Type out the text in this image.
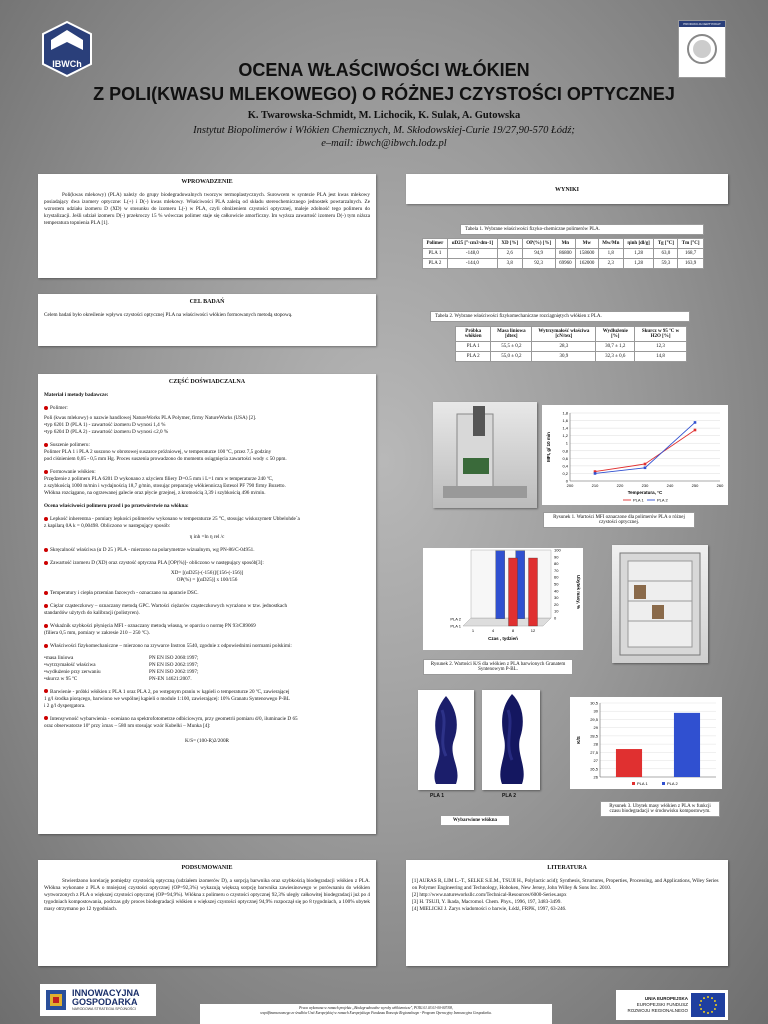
IBWCh
PRODUKCJA CERTYFIKAT
OCENA WŁAŚCIWOŚCI WŁÓKIEN
Z POLI(KWASU MLEKOWEGO) O RÓŻNEJ CZYSTOŚCI OPTYCZNEJ
K. Twarowska-Schmidt, M. Lichocik, K. Sulak, A. Gutowska
Instytut Biopolimerów i Włókien Chemicznych, M. Skłodowskiej-Curie 19/27,90-570 Łódź;
e–mail: ibwch@ibwch.lodz.pl
WPROWADZENIE

Poli(kwas mlekowy) (PLA) należy do grupy biodegradowalnych tworzyw termoplastycznych. Surowcem w syntezie PLA jest kwas mlekowy posiadający dwa izomery optyczne: L(+) i D(-) kwas mlekowy. Właściwości PLA zależą od składu stereochemicznego jednostek powtarzalnych. Ze wzrostem udziału izomeru D (XD) w stosunku do izomeru L(-) w PLA, czyli obniżeniem czystości optycznej, maleje zdolność tego polimeru do krystalizacji. Jeśli udział izomeru D(-) przekroczy 15 % wówczas polimer staje się całkowicie amorficzny. Im wyższa zawartość izomeru D(-) tym niższa temperatura topnienia PLA [1].

CEL BADAŃ

Celem badań było określenie wpływu czystości optycznej PLA na właściwości włókien formowanych metodą stopową.

CZĘŚĆ DOŚWIADCZALNA

Materiał i metody badawcze:

Polimer:

Poli (kwas mlekowy) o nazwie handlowej NatureWorks PLA Polymer, firmy NatureWorks (USA) [2].

•typ 6201 D (PLA 1) - zawartość izomeru D wynosi 1,4 %

•typ 6204 D (PLA 2) - zawartość izomeru D wynosi ≤2,0 %

Suszenie polimeru:

Polimer PLA 1 i PLA 2 suszono w obrotowej suszarce próżniowej, w temperaturze 100 ºC, przez 7,5 godziny

pod ciśnieniem 0,05 - 0,5 mm Hg. Proces suszenia prowadzono do momentu osiągnięcia zawartości wody ≤ 50 ppm.

Formowanie włókien:

Przędzenie z polimeru PLA 6201 D wykonano z użyciem filiery D=0.5 mm i L=1 mm w temperaturze 240 ºC,

z szybkością 1000 m/min i wydajnością 18,7 g/min, stosując preparację włókienniczą Estesol PF 790 firmy Bozetto.

Włókna rozciągano, na ogrzewanej galecie oraz płycie grzejnej, z krotnością 3,39 i szybkością 496 m/min.

Ocena właściwości polimeru przed i po przetwórstwie na włókna:

Lepkość inherentna - pomiary lepkości polimerów wykonano w temperaturze 25 °C, stosując wiskozymetr Ubbelohde`a

z kapilarą 0A k = 0,00498. Obliczono w następujący sposób:

η inh =ln η rel /c

Skręcalność właściwa (α D 25 ) PLA - mierzono na polarymetrze wizualnym, wg PN-86/C-04951.

Zawartość izomeru D (XD) oraz czystość optyczna PLA [OP(%)]- obliczono w następujący sposób[3]:

XD= [(αD25)-(-156)]/[156-(-156)]

OP(%) = [(αD25)] x 100/156

Temperatury i ciepła przemian fazowych - oznaczano na aparacie DSC.

Ciężar cząsteczkowy – oznaczany metodą GPC. Wartości ciężarów cząsteczkowych wyrażono w tzw. jednostkach

standardów użytych do kalibracji (polistyren).

Wskaźnik szybkości płynięcia MFI - oznaczany metodą własną, w oparciu o normę PN 93/C89069

(filiera 0,5 mm, pomiary w zakresie 210 – 250 ºC).

Właściwości fizykomechaniczne – mierzono na zrywarce Instron 5540, zgodnie z odpowiednimi normami polskimi:

•masa liniowa	PN EN ISO 2060:1997;
•wytrzymałość właściwa	PN EN ISO 2062:1997;
•wydłużenie przy zerwaniu	PN EN ISO 2062:1997;
•skurcz w 95 ºC	PN-EN 14621:2007.

Barwienie - próbki włókien z PLA 1 oraz PLA 2, po wstępnym praniu w kąpieli o temperaturze 20 ºC, zawierającej

1 g/l środka piorącego, barwiono we wspólnej kąpieli o module 1:100, zawierającej: 10% Granatu Syntenowego P-BL

i 2 g/l dyspergatora.

Intensywność wybarwienia - oceniano na spektrofotometrze odbiciowym, przy geometrii pomiaru d/0, iluminacie D 65

oraz obserwatorze 10º przy λmax – 580 nm stosując wzór Kubelki – Munka [4]:

K/S= (100-R)2/200R

WYNIKI
Tabela 1. Wybrane właściwości fizyko-chemiczne polimerów PLA.
Polimer	αD25 [°·cm3·dm-1]	XD [%]	OP(%) [%]	Mn	Mw	Mw/Mn	ηinh [dl/g]	Tg [°C]	Tm [°C]
PLA 1	-148,0	2,6	94,9	86800	158600	1,8	1,28	63,0	168,7
PLA 2	-144,0	3,8	92,3	69960	162000	2,3	1,28	59,3	163,9
Tabela 2. Wybrane właściwości fizykomechaniczne rozciągniętych włókien z PLA.
Próbka włókien	Masa liniowa [dtex]	Wytrzymałość właściwa [cN/tex]	Wydłużenie [%]	Skurcz w 95 ºC w H2O [%]
PLA 1	55,5 ± 0,2	28,3	30,7 ± 1,2	12,3
PLA 2	55,0 ± 0,2	30,9	32,3 ± 0,6	14,8
0
0,2
0,4
0,6
0,8
1
1,2
1,4
1,6
1,8
200	210	220	230	240	250	260
Temperatura, °C
MFI, g/ 10 min
PLA 1	PLA 2
Rysunek 1. Wartości MFI oznaczone dla polimerów PLA o różnej czystości optycznej.
0
10
20
30
40
50
60
70
80
90
100
1	4	8	12
PLA 2
PLA 1
Czas , tydzień
Ubytek masy, %
Rysunek 2. Wartości K/S dla włókien z PLA barwionych Granatem Syntenowym P-BL.
PLA 1	PLA 2
Wybarwione włókna
26
26,5
27
27,5
28
28,5
29
29,5
30
30,5
K/S
PLA 1	PLA 2
Rysunek 3. Ubytek masy włókien z PLA w funkcji czasu biodegradacji w środowisku kompostowym.
PODSUMOWANIE

Stwierdzono korelację pomiędzy czystością optyczną (udziałem izomerów D), a sorpcją barwnika oraz szybkością biodegradacji włókien z PLA. Włókna wykonane z PLA o mniejszej czystości optycznej (OP=92,3%) wykazują większą sorpcję barwnika zawiesinowego w porównaniu do włókien wytworzonych z PLA o większej czystości optycznej (OP=94,9%). Włókna z polimeru o czystości optycznej 92,3% uległy całkowitej biodegradacji już po 4 tygodniach kompostowania, podczas gdy proces biodegradacji włókien o większej czystości optycznej 94,9% rozpoczął się po 8 tygodniach, a 100% ubytek masy otrzymano po 12 tygodniach.

LITERATURA

[1] AURAS R, LIM L.-T., SELKE S.E.M., TSUJI H., Polylactic acid); Synthesis, Structures, Properties, Processing, and Applications, Wiley Series on Polymer Engineering and Technology, Hoboken, New Jersey, John Willey & Sons Inc. 2010.

[2] http://www.natureworksllc.com/Technical-Resources/6000-Series.aspx

[3] H. TSUJI, Y. Ikada, Macromol. Chem. Phys., 1996, 197, 3483-3499.

[4] MIELICKI J. Zarys wiadomości o barwie, Łódź, FRPK, 1997, 63-246.

INNOWACYJNA
GOSPODARKA
NARODOWA STRATEGIA SPÓJNOŚCI	Praca wykonana w ramach projektu „Biodegradowalne wyroby włókiennicze", POIG.01.03.01-00-007/08,
współfinansowanego ze środków Unii Europejskiej w ramach Europejskiego Funduszu Rozwoju Regionalnego - Program Operacyjny Innowacyjna Gospodarka.
UNIA EUROPEJSKA
EUROPEJSKI FUNDUSZ
ROZWOJU REGIONALNEGO
